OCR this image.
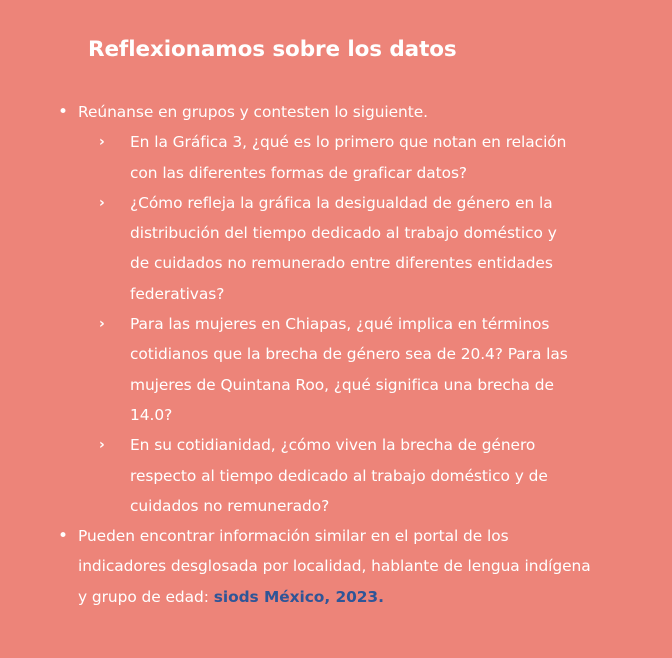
Reflexionamos sobre los datos
• Reúnanse en grupos y contesten lo siguiente.
› En la Gráfica 3, ¿qué es lo primero que notan en relación con las diferentes formas de graficar datos?
› ¿Cómo refleja la gráfica la desigualdad de género en la distribución del tiempo dedicado al trabajo doméstico y de cuidados no remunerado entre diferentes entidades federativas?
› Para las mujeres en Chiapas, ¿qué implica en términos cotidianos que la brecha de género sea de 20.4? Para las mujeres de Quintana Roo, ¿qué significa una brecha de 14.0?
› En su cotidianidad, ¿cómo viven la brecha de género respecto al tiempo dedicado al trabajo doméstico y de cuidados no remunerado?
• Pueden encontrar información similar en el portal de los indicadores desglosada por localidad, hablante de lengua indígena y grupo de edad: siods México, 2023.
